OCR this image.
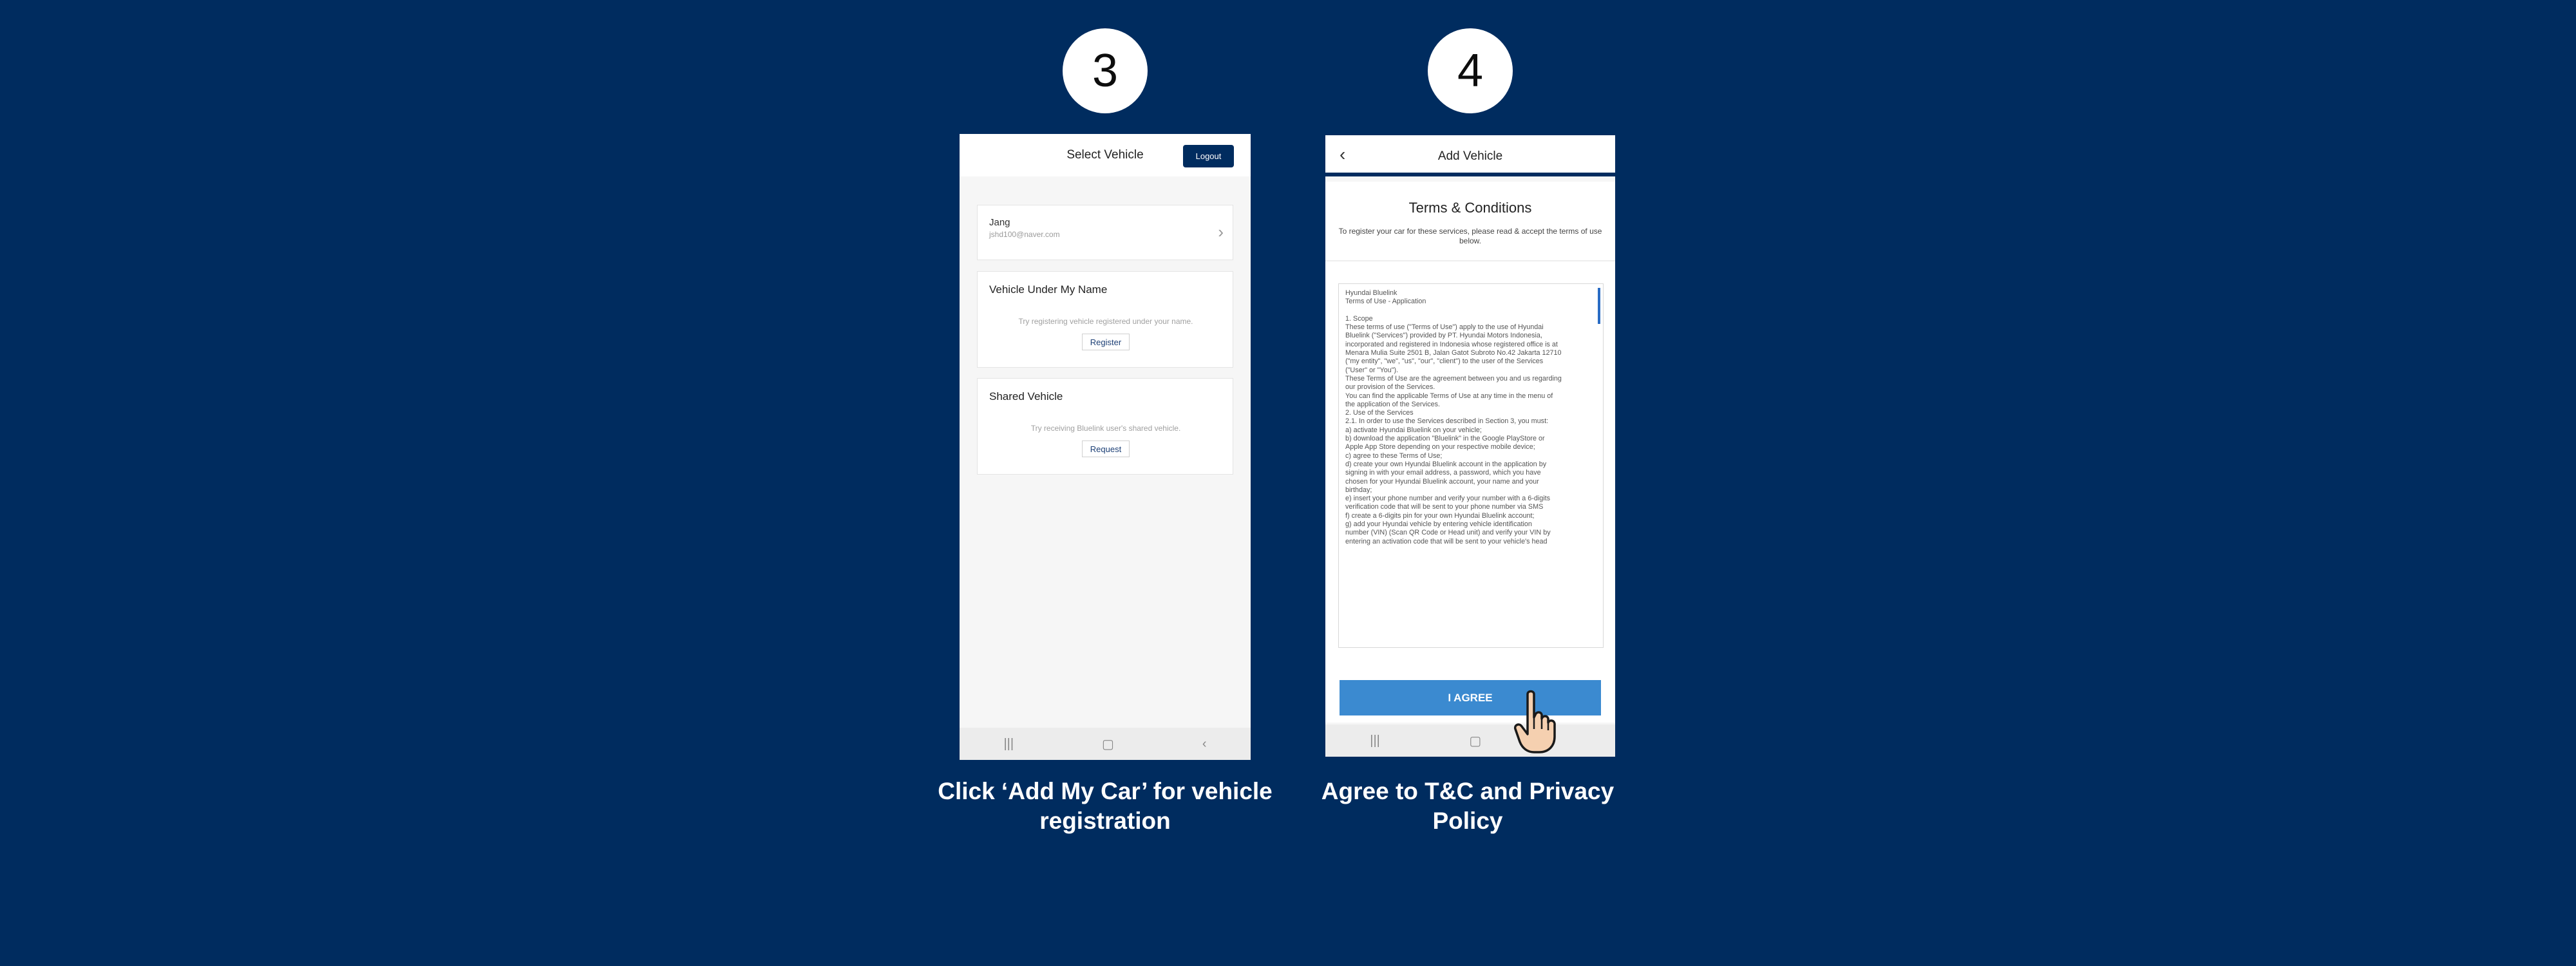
3	4
Select Vehicle	Logout
Jang
jshd100@naver.com	›
Vehicle Under My Name
Try registering vehicle registered under your name.
Register
Shared Vehicle
Try receiving Bluelink user's shared vehicle.
Request
|||	▢	‹
‹	Add Vehicle
Terms & Conditions
To register your car for these services, please read & accept the terms of use below.
Hyundai Bluelink
Terms of Use - Application

1. Scope
These terms of use ("Terms of Use") apply to the use of Hyundai
Bluelink ("Services") provided by PT. Hyundai Motors Indonesia,
incorporated and registered in Indonesia whose registered office is at
Menara Mulia Suite 2501 B, Jalan Gatot Subroto No.42 Jakarta 12710
("my entity", "we", "us", "our", "client") to the user of the Services
("User" or "You").
These Terms of Use are the agreement between you and us regarding
our provision of the Services.
You can find the applicable Terms of Use at any time in the menu of
the application of the Services.
2. Use of the Services
2.1. In order to use the Services described in Section 3, you must:
a) activate Hyundai Bluelink on your vehicle;
b) download the application "Bluelink" in the Google PlayStore or
Apple App Store depending on your respective mobile device;
c) agree to these Terms of Use;
d) create your own Hyundai Bluelink account in the application by
signing in with your email address, a password, which you have
chosen for your Hyundai Bluelink account, your name and your
birthday;
e) insert your phone number and verify your number with a 6-digits
verification code that will be sent to your phone number via SMS
f) create a 6-digits pin for your own Hyundai Bluelink account;
g) add your Hyundai vehicle by entering vehicle identification
number (VIN) (Scan QR Code or Head unit) and verify your VIN by
entering an activation code that will be sent to your vehicle's head
I AGREE
|||	▢
Click ‘Add My Car’ for vehicle registration
Agree to T&C and Privacy Policy
